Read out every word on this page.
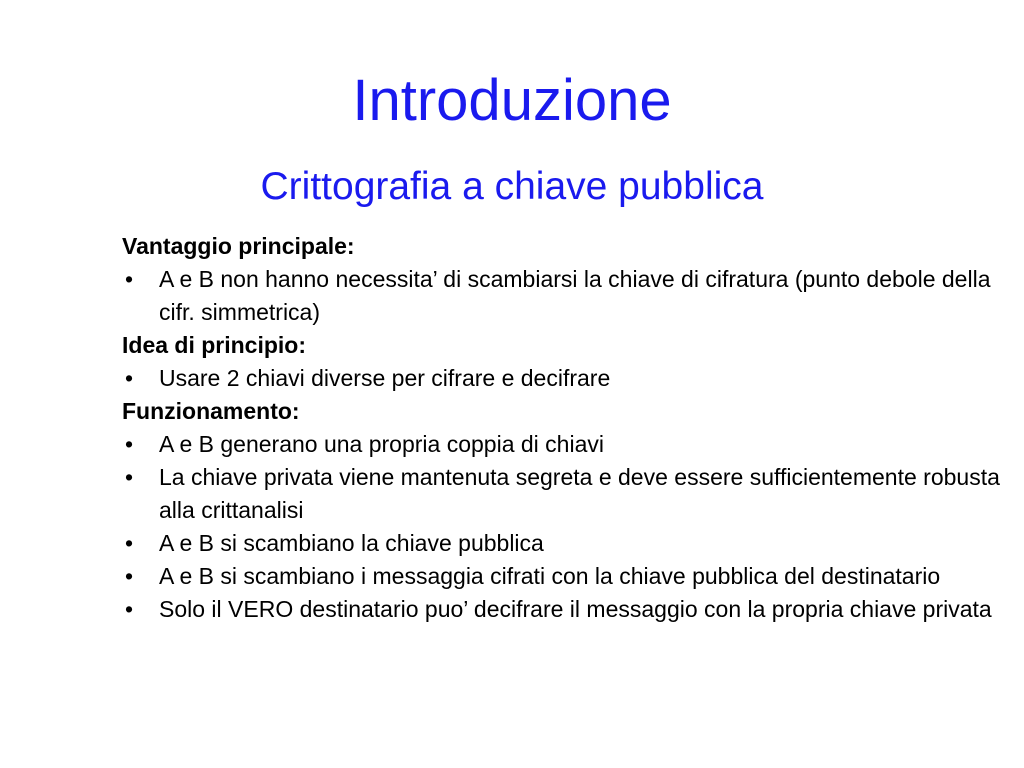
Introduzione
Crittografia a chiave pubblica
Vantaggio principale:
• A e B non hanno necessita’ di scambiarsi la chiave di cifratura (punto debole della cifr. simmetrica)
Idea di principio:
• Usare 2 chiavi diverse per cifrare e decifrare
Funzionamento:
• A e B generano una propria coppia di chiavi
• La chiave privata viene mantenuta segreta e deve essere sufficientemente robusta alla crittanalisi
• A e B si scambiano la chiave pubblica
• A e B si scambiano i messaggia cifrati con la chiave pubblica del destinatario
• Solo il VERO destinatario puo’ decifrare il messaggio con la propria chiave privata
